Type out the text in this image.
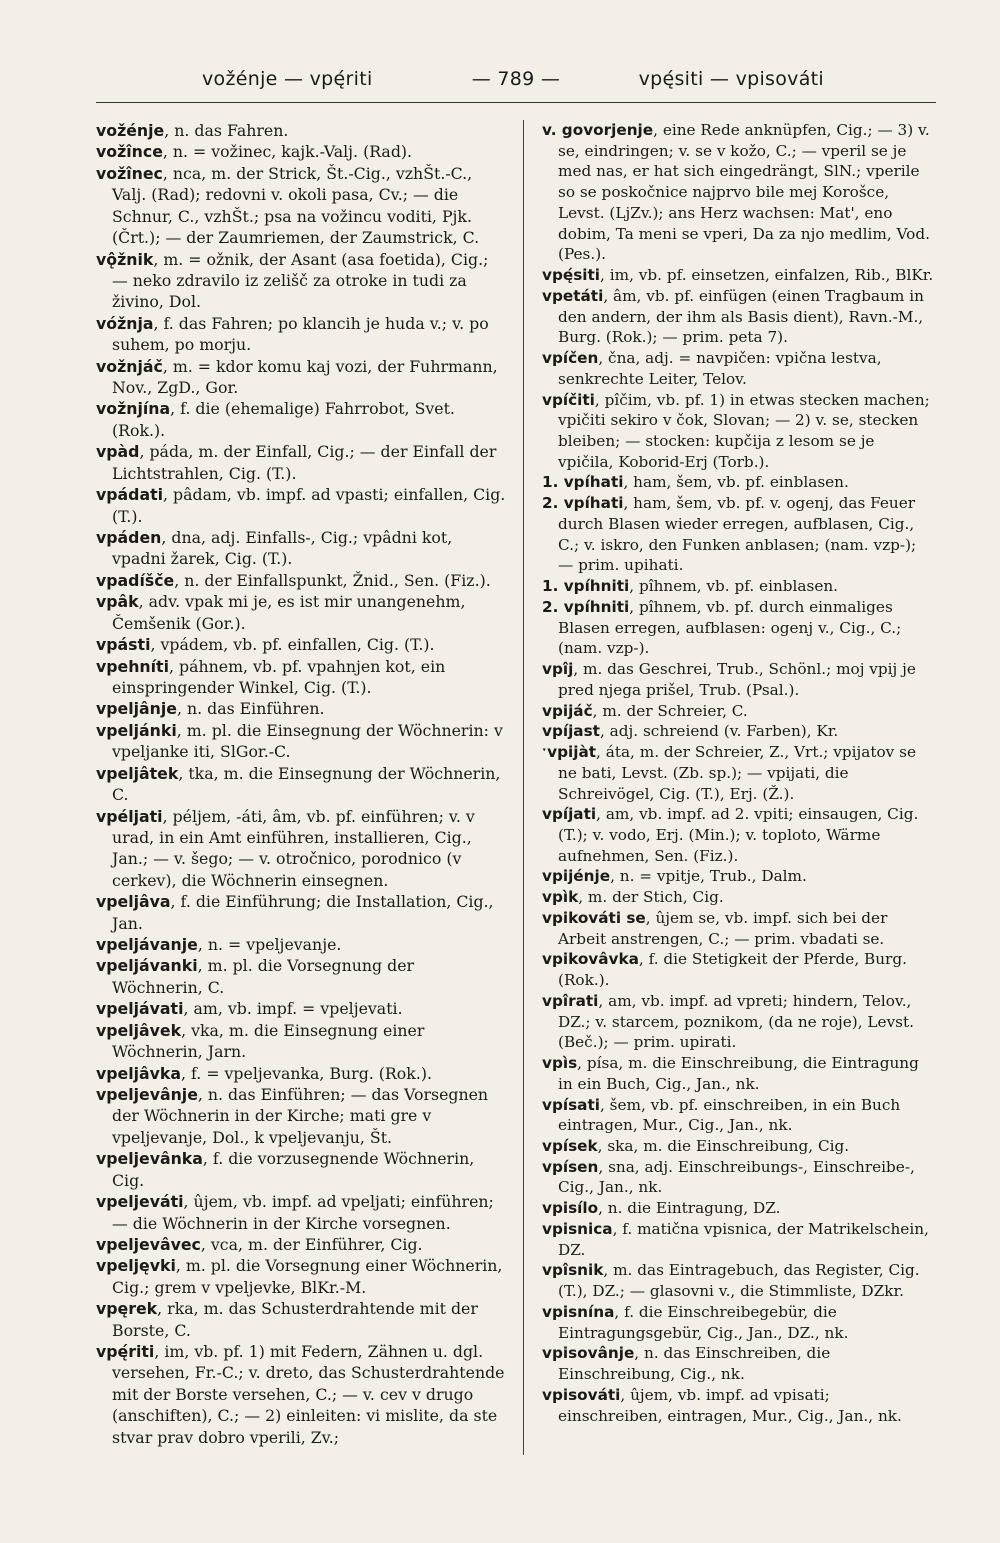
vožénje — vpę́riti	— 789 —	vpę́siti — vpisováti

vožénje, n. das Fahren.

vožînce, n. = vožinec, kajk.-Valj. (Rad).

vožînec, nca, m. der Strick, Št.-Cig., vzhŠt.-C., Valj. (Rad); redovni v. okoli pasa, Cv.; — die Schnur, C., vzhŠt.; psa na vožincu voditi, Pjk. (Črt.); — der Zaumriemen, der Zaumstrick, C.

vǫ̂žnik, m. = ožnik, der Asant (asa foetida), Cig.; — neko zdravilo iz zelišč za otroke in tudi za živino, Dol.

vóžnja, f. das Fahren; po klancih je huda v.; v. po suhem, po morju.

vožnjáč, m. = kdor komu kaj vozi, der Fuhrmann, Nov., ZgD., Gor.

vožnjína, f. die (ehemalige) Fahrrobot, Svet. (Rok.).

vpàd, páda, m. der Einfall, Cig.; — der Einfall der Lichtstrahlen, Cig. (T.).

vpádati, pâdam, vb. impf. ad vpasti; einfallen, Cig. (T.).

vpáden, dna, adj. Einfalls-, Cig.; vpâdni kot, vpadni žarek, Cig. (T.).

vpadíšče, n. der Einfallspunkt, Žnid., Sen. (Fiz.).

vpâk, adv. vpak mi je, es ist mir unangenehm, Čemšenik (Gor.).

vpásti, vpádem, vb. pf. einfallen, Cig. (T.).

vpehníti, páhnem, vb. pf. vpahnjen kot, ein einspringender Winkel, Cig. (T.).

vpeljânje, n. das Einführen.

vpeljánki, m. pl. die Einsegnung der Wöchnerin: v vpeljanke iti, SlGor.-C.

vpeljâtek, tka, m. die Einsegnung der Wöchnerin, C.

vpéljati, péljem, -áti, âm, vb. pf. einführen; v. v urad, in ein Amt einführen, installieren, Cig., Jan.; — v. šego; — v. otročnico, porodnico (v cerkev), die Wöchnerin einsegnen.

vpeljâva, f. die Einführung; die Installation, Cig., Jan.

vpeljávanje, n. = vpeljevanje.

vpeljávanki, m. pl. die Vorsegnung der Wöchnerin, C.

vpeljávati, am, vb. impf. = vpeljevati.

vpeljâvek, vka, m. die Einsegnung einer Wöchnerin, Jarn.

vpeljâvka, f. = vpeljevanka, Burg. (Rok.).

vpeljevânje, n. das Einführen; — das Vorsegnen der Wöchnerin in der Kirche; mati gre v vpeljevanje, Dol., k vpeljevanju, Št.

vpeljevânka, f. die vorzusegnende Wöchnerin, Cig.

vpeljeváti, ûjem, vb. impf. ad vpeljati; einführen; — die Wöchnerin in der Kirche vorsegnen.

vpeljevâvec, vca, m. der Einführer, Cig.

vpeljęvki, m. pl. die Vorsegnung einer Wöchnerin, Cig.; grem v vpeljevke, BlKr.-M.

vpęrek, rka, m. das Schusterdrahtende mit der Borste, C.

vpę́riti, im, vb. pf. 1) mit Federn, Zähnen u. dgl. versehen, Fr.-C.; v. dreto, das Schusterdrahtende mit der Borste versehen, C.; — v. cev v drugo (anschiften), C.; — 2) einleiten: vi mislite, da ste stvar prav dobro vperili, Zv.;

v. govorjenje, eine Rede anknüpfen, Cig.; — 3) v. se, eindringen; v. se v kožo, C.; — vperil se je med nas, er hat sich eingedrängt, SlN.; vperile so se poskočnice najprvo bile mej Korošce, Levst. (LjZv.); ans Herz wachsen: Mat', eno dobim, Ta meni se vperi, Da za njo medlim, Vod. (Pes.).

vpę́siti, im, vb. pf. einsetzen, einfalzen, Rib., BlKr.

vpetáti, âm, vb. pf. einfügen (einen Tragbaum in den andern, der ihm als Basis dient), Ravn.-M., Burg. (Rok.); — prim. peta 7).

vpíčen, čna, adj. = navpičen: vpična lestva, senkrechte Leiter, Telov.

vpíčiti, pîčim, vb. pf. 1) in etwas stecken machen; vpičiti sekiro v čok, Slovan; — 2) v. se, stecken bleiben; — stocken: kupčija z lesom se je vpičila, Koborid-Erj (Torb.).

1. vpíhati, ham, šem, vb. pf. einblasen.

2. vpíhati, ham, šem, vb. pf. v. ogenj, das Feuer durch Blasen wieder erregen, aufblasen, Cig., C.; v. iskro, den Funken anblasen; (nam. vzp-); — prim. upihati.

1. vpíhniti, pîhnem, vb. pf. einblasen.

2. vpíhniti, pîhnem, vb. pf. durch einmaliges Blasen erregen, aufblasen: ogenj v., Cig., C.; (nam. vzp-).

vpîj, m. das Geschrei, Trub., Schönl.; moj vpij je pred njega prišel, Trub. (Psal.).

vpijáč, m. der Schreier, C.

vpíjast, adj. schreiend (v. Farben), Kr.

ˑvpijàt, áta, m. der Schreier, Z., Vrt.; vpijatov se ne bati, Levst. (Zb. sp.); — vpijati, die Schreivögel, Cig. (T.), Erj. (Ž.).

vpíjati, am, vb. impf. ad 2. vpiti; einsaugen, Cig. (T.); v. vodo, Erj. (Min.); v. toploto, Wärme aufnehmen, Sen. (Fiz.).

vpijénje, n. = vpitje, Trub., Dalm.

vpìk, m. der Stich, Cig.

vpikováti se, ûjem se, vb. impf. sich bei der Arbeit anstrengen, C.; — prim. vbadati se.

vpikovâvka, f. die Stetigkeit der Pferde, Burg. (Rok.).

vpîrati, am, vb. impf. ad vpreti; hindern, Telov., DZ.; v. starcem, poznikom, (da ne roje), Levst. (Beč.); — prim. upirati.

vpìs, písa, m. die Einschreibung, die Eintragung in ein Buch, Cig., Jan., nk.

vpísati, šem, vb. pf. einschreiben, in ein Buch eintragen, Mur., Cig., Jan., nk.

vpísek, ska, m. die Einschreibung, Cig.

vpísen, sna, adj. Einschreibungs-, Einschreibe-, Cig., Jan., nk.

vpisílo, n. die Eintragung, DZ.

vpisnica, f. matična vpisnica, der Matrikelschein, DZ.

vpîsnik, m. das Eintragebuch, das Register, Cig. (T.), DZ.; — glasovni v., die Stimmliste, DZkr.

vpisnína, f. die Einschreibegebür, die Eintragungsgebür, Cig., Jan., DZ., nk.

vpisovânje, n. das Einschreiben, die Einschreibung, Cig., nk.

vpisováti, ûjem, vb. impf. ad vpisati; einschreiben, eintragen, Mur., Cig., Jan., nk.
